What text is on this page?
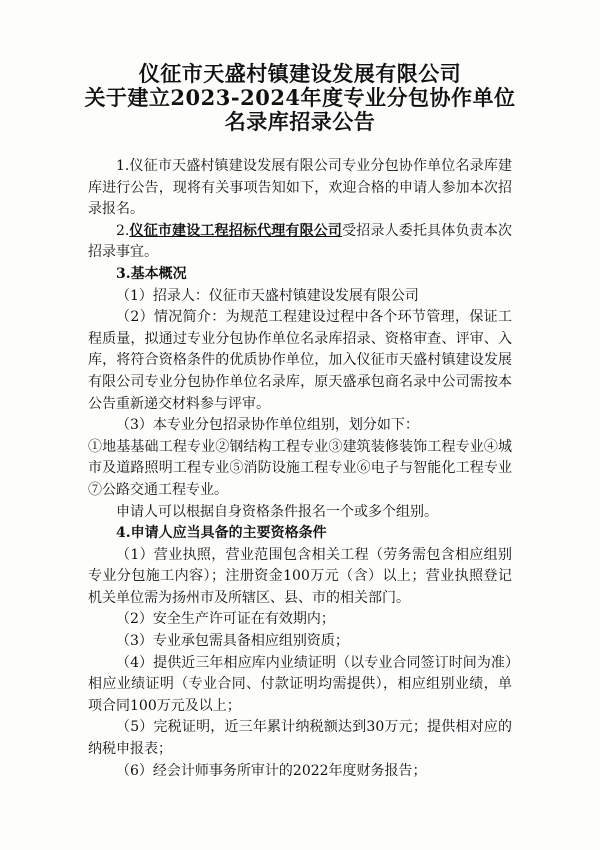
仪征市天盛村镇建设发展有限公司
关于建立2023-2024年度专业分包协作单位
名录库招录公告

1.仪征市天盛村镇建设发展有限公司专业分包协作单位名录库建库进行公告，现将有关事项告知如下，欢迎合格的申请人参加本次招录报名。

2.仪征市建设工程招标代理有限公司受招录人委托具体负责本次招录事宜。

3.基本概况

（1）招录人：仪征市天盛村镇建设发展有限公司

（2）情况简介：为规范工程建设过程中各个环节管理，保证工程质量，拟通过专业分包协作单位名录库招录、资格审查、评审、入库，将符合资格条件的优质协作单位，加入仪征市天盛村镇建设发展有限公司专业分包协作单位名录库，原天盛承包商名录中公司需按本公告重新递交材料参与评审。

（3）本专业分包招录协作单位组别，划分如下：

①地基基础工程专业②钢结构工程专业③建筑装修装饰工程专业④城市及道路照明工程专业⑤消防设施工程专业⑥电子与智能化工程专业⑦公路交通工程专业。

申请人可以根据自身资格条件报名一个或多个组别。

4.申请人应当具备的主要资格条件

（1）营业执照，营业范围包含相关工程（劳务需包含相应组别专业分包施工内容）；注册资金100万元（含）以上；营业执照登记机关单位需为扬州市及所辖区、县、市的相关部门。

（2）安全生产许可证在有效期内；

（3）专业承包需具备相应组别资质；

（4）提供近三年相应库内业绩证明（以专业合同签订时间为准）相应业绩证明（专业合同、付款证明均需提供），相应组别业绩，单项合同100万元及以上；

（5）完税证明，近三年累计纳税额达到30万元；提供相对应的纳税申报表；

（6）经会计师事务所审计的2022年度财务报告；
